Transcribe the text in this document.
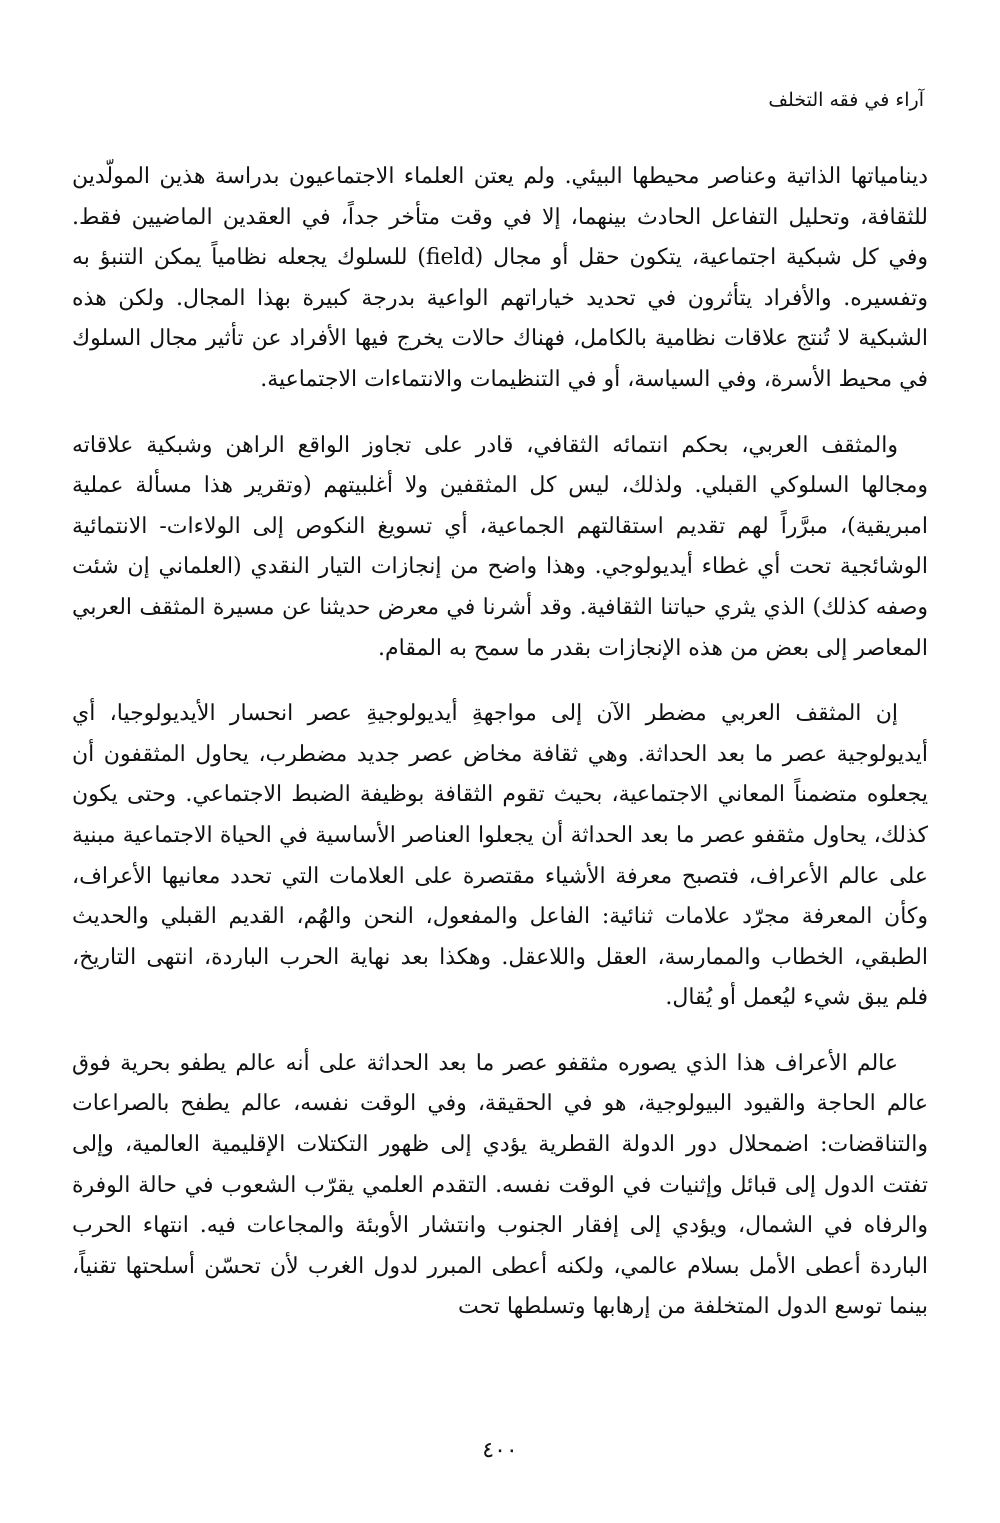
آراء في فقه التخلف

دينامياتها الذاتية وعناصر محيطها البيئي. ولم يعتن العلماء الاجتماعيون بدراسة هذين المولّدين للثقافة، وتحليل التفاعل الحادث بينهما، إلا في وقت متأخر جداً، في العقدين الماضيين فقط. وفي كل شبكية اجتماعية، يتكون حقل أو مجال (field) للسلوك يجعله نظامياً يمكن التنبؤ به وتفسيره. والأفراد يتأثرون في تحديد خياراتهم الواعية بدرجة كبيرة بهذا المجال. ولكن هذه الشبكية لا تُنتج علاقات نظامية بالكامل، فهناك حالات يخرج فيها الأفراد عن تأثير مجال السلوك في محيط الأسرة، وفي السياسة، أو في التنظيمات والانتماءات الاجتماعية.

والمثقف العربي، بحكم انتمائه الثقافي، قادر على تجاوز الواقع الراهن وشبكية علاقاته ومجالها السلوكي القبلي. ولذلك، ليس كل المثقفين ولا أغلبيتهم (وتقرير هذا مسألة عملية امبريقية)، مبرَّراً لهم تقديم استقالتهم الجماعية، أي تسويغ النكوص إلى الولاءات- الانتمائية الوشائجية تحت أي غطاء أيديولوجي. وهذا واضح من إنجازات التيار النقدي (العلماني إن شئت وصفه كذلك) الذي يثري حياتنا الثقافية. وقد أشرنا في معرض حديثنا عن مسيرة المثقف العربي المعاصر إلى بعض من هذه الإنجازات بقدر ما سمح به المقام.

إن المثقف العربي مضطر الآن إلى مواجهةِ أيديولوجيةِ عصر انحسار الأيديولوجيا، أي أيديولوجية عصر ما بعد الحداثة. وهي ثقافة مخاض عصر جديد مضطرب، يحاول المثقفون أن يجعلوه متضمناً المعاني الاجتماعية، بحيث تقوم الثقافة بوظيفة الضبط الاجتماعي. وحتى يكون كذلك، يحاول مثقفو عصر ما بعد الحداثة أن يجعلوا العناصر الأساسية في الحياة الاجتماعية مبنية على عالم الأعراف، فتصبح معرفة الأشياء مقتصرة على العلامات التي تحدد معانيها الأعراف، وكأن المعرفة مجرّد علامات ثنائية: الفاعل والمفعول، النحن والهُم، القديم القبلي والحديث الطبقي، الخطاب والممارسة، العقل واللاعقل. وهكذا بعد نهاية الحرب الباردة، انتهى التاريخ، فلم يبق شيء ليُعمل أو يُقال.

عالم الأعراف هذا الذي يصوره مثقفو عصر ما بعد الحداثة على أنه عالم يطفو بحرية فوق عالم الحاجة والقيود البيولوجية، هو في الحقيقة، وفي الوقت نفسه، عالم يطفح بالصراعات والتناقضات: اضمحلال دور الدولة القطرية يؤدي إلى ظهور التكتلات الإقليمية العالمية، وإلى تفتت الدول إلى قبائل وإثنيات في الوقت نفسه. التقدم العلمي يقرّب الشعوب في حالة الوفرة والرفاه في الشمال، ويؤدي إلى إفقار الجنوب وانتشار الأوبئة والمجاعات فيه. انتهاء الحرب الباردة أعطى الأمل بسلام عالمي، ولكنه أعطى المبرر لدول الغرب لأن تحسّن أسلحتها تقنياً، بينما توسع الدول المتخلفة من إرهابها وتسلطها تحت

٤٠٠
